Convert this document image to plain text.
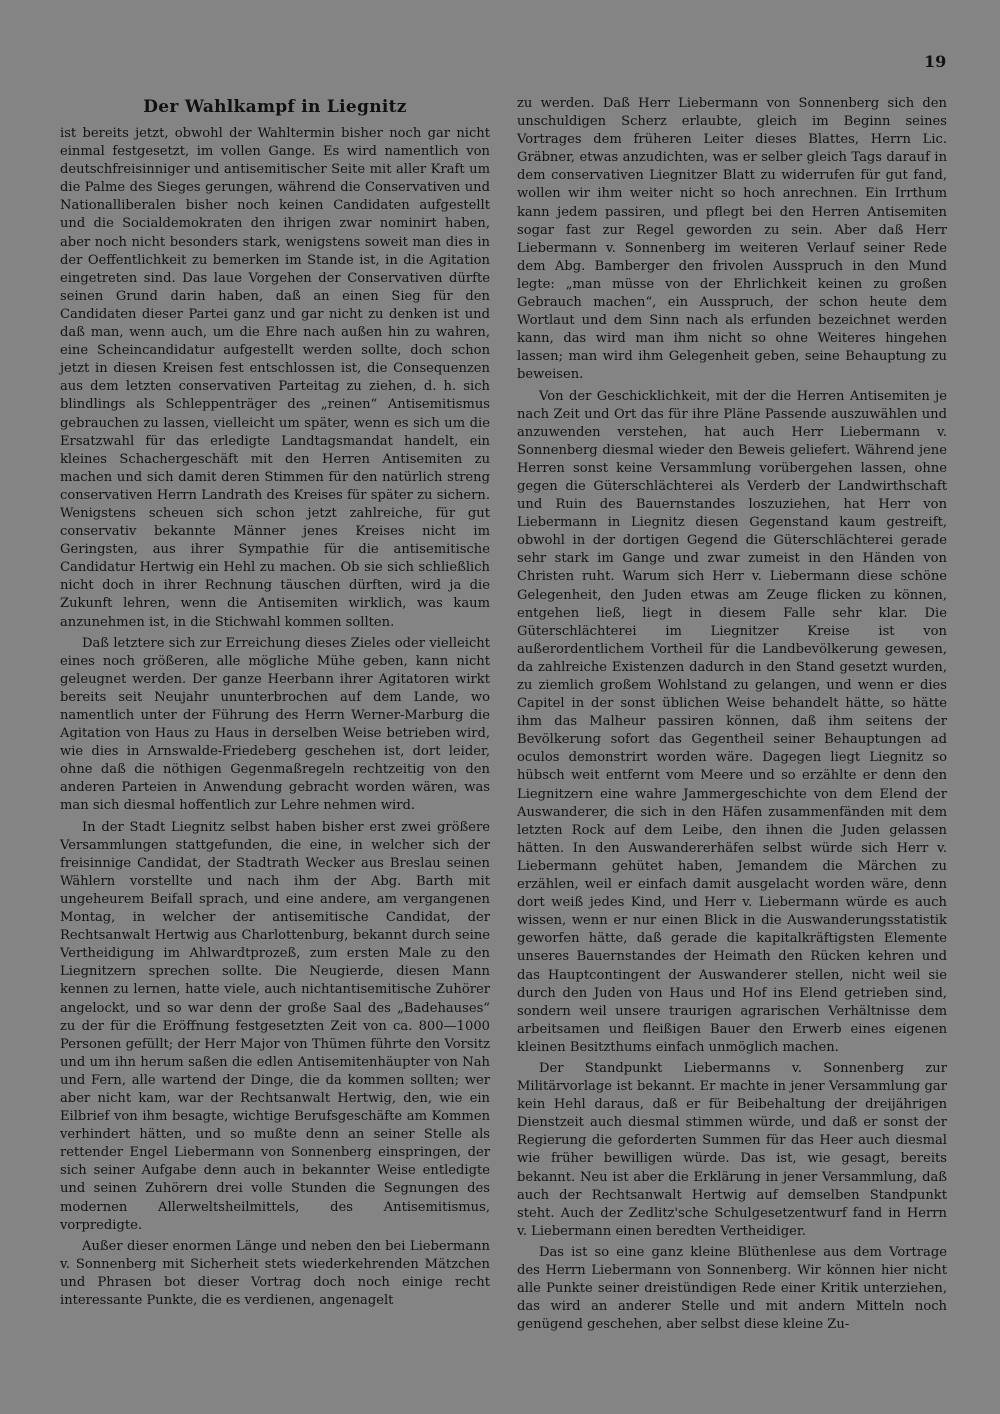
19
Der Wahlkampf in Liegnitz

ist bereits jetzt, obwohl der Wahltermin bisher noch gar nicht einmal festgesetzt, im vollen Gange. Es wird namentlich von deutschfreisinniger und antisemitischer Seite mit aller Kraft um die Palme des Sieges gerungen, während die Conservativen und Nationalliberalen bisher noch keinen Candidaten aufgestellt und die Socialdemokraten den ihrigen zwar nominirt haben, aber noch nicht besonders stark, wenigstens soweit man dies in der Oeffentlichkeit zu bemerken im Stande ist, in die Agitation eingetreten sind. Das laue Vorgehen der Conservativen dürfte seinen Grund darin haben, daß an einen Sieg für den Candidaten dieser Partei ganz und gar nicht zu denken ist und daß man, wenn auch, um die Ehre nach außen hin zu wahren, eine Scheincandidatur aufgestellt werden sollte, doch schon jetzt in diesen Kreisen fest entschlossen ist, die Consequenzen aus dem letzten conservativen Parteitag zu ziehen, d. h. sich blindlings als Schleppenträger des „reinen“ Antisemitismus gebrauchen zu lassen, vielleicht um später, wenn es sich um die Ersatzwahl für das erledigte Landtagsmandat handelt, ein kleines Schachergeschäft mit den Herren Antisemiten zu machen und sich damit deren Stimmen für den natürlich streng conservativen Herrn Landrath des Kreises für später zu sichern. Wenigstens scheuen sich schon jetzt zahlreiche, für gut conservativ bekannte Männer jenes Kreises nicht im Geringsten, aus ihrer Sympathie für die antisemitische Candidatur Hertwig ein Hehl zu machen. Ob sie sich schließlich nicht doch in ihrer Rechnung täuschen dürften, wird ja die Zukunft lehren, wenn die Antisemiten wirklich, was kaum anzunehmen ist, in die Stichwahl kommen sollten.

Daß letztere sich zur Erreichung dieses Zieles oder vielleicht eines noch größeren, alle mögliche Mühe geben, kann nicht geleugnet werden. Der ganze Heerbann ihrer Agitatoren wirkt bereits seit Neujahr ununterbrochen auf dem Lande, wo namentlich unter der Führung des Herrn Werner-Marburg die Agitation von Haus zu Haus in derselben Weise betrieben wird, wie dies in Arnswalde-Friedeberg geschehen ist, dort leider, ohne daß die nöthigen Gegenmaßregeln rechtzeitig von den anderen Parteien in Anwendung gebracht worden wären, was man sich diesmal hoffentlich zur Lehre nehmen wird.

In der Stadt Liegnitz selbst haben bisher erst zwei größere Versammlungen stattgefunden, die eine, in welcher sich der freisinnige Candidat, der Stadtrath Wecker aus Breslau seinen Wählern vorstellte und nach ihm der Abg. Barth mit ungeheurem Beifall sprach, und eine andere, am vergangenen Montag, in welcher der antisemitische Candidat, der Rechtsanwalt Hertwig aus Charlottenburg, bekannt durch seine Vertheidigung im Ahlwardtprozeß, zum ersten Male zu den Liegnitzern sprechen sollte. Die Neugierde, diesen Mann kennen zu lernen, hatte viele, auch nichtantisemitische Zuhörer angelockt, und so war denn der große Saal des „Badehauses“ zu der für die Eröffnung festgesetzten Zeit von ca. 800—1000 Personen gefüllt; der Herr Major von Thümen führte den Vorsitz und um ihn herum saßen die edlen Antisemitenhäupter von Nah und Fern, alle wartend der Dinge, die da kommen sollten; wer aber nicht kam, war der Rechtsanwalt Hertwig, den, wie ein Eilbrief von ihm besagte, wichtige Berufsgeschäfte am Kommen verhindert hätten, und so mußte denn an seiner Stelle als rettender Engel Liebermann von Sonnenberg einspringen, der sich seiner Aufgabe denn auch in bekannter Weise entledigte und seinen Zuhörern drei volle Stunden die Segnungen des modernen Allerweltsheilmittels, des Antisemitismus, vorpredigte.

Außer dieser enormen Länge und neben den bei Liebermann v. Sonnenberg mit Sicherheit stets wiederkehrenden Mätzchen und Phrasen bot dieser Vortrag doch noch einige recht interessante Punkte, die es verdienen, angenagelt

zu werden. Daß Herr Liebermann von Sonnenberg sich den unschuldigen Scherz erlaubte, gleich im Beginn seines Vortrages dem früheren Leiter dieses Blattes, Herrn Lic. Gräbner, etwas anzudichten, was er selber gleich Tags darauf in dem conservativen Liegnitzer Blatt zu widerrufen für gut fand, wollen wir ihm weiter nicht so hoch anrechnen. Ein Irrthum kann jedem passiren, und pflegt bei den Herren Antisemiten sogar fast zur Regel geworden zu sein. Aber daß Herr Liebermann v. Sonnenberg im weiteren Verlauf seiner Rede dem Abg. Bamberger den frivolen Ausspruch in den Mund legte: „man müsse von der Ehrlichkeit keinen zu großen Gebrauch machen“, ein Ausspruch, der schon heute dem Wortlaut und dem Sinn nach als erfunden bezeichnet werden kann, das wird man ihm nicht so ohne Weiteres hingehen lassen; man wird ihm Gelegenheit geben, seine Behauptung zu beweisen.

Von der Geschicklichkeit, mit der die Herren Antisemiten je nach Zeit und Ort das für ihre Pläne Passende auszuwählen und anzuwenden verstehen, hat auch Herr Liebermann v. Sonnenberg diesmal wieder den Beweis geliefert. Während jene Herren sonst keine Versammlung vorübergehen lassen, ohne gegen die Güterschlächterei als Verderb der Landwirthschaft und Ruin des Bauernstandes loszuziehen, hat Herr von Liebermann in Liegnitz diesen Gegenstand kaum gestreift, obwohl in der dortigen Gegend die Güterschlächterei gerade sehr stark im Gange und zwar zumeist in den Händen von Christen ruht. Warum sich Herr v. Liebermann diese schöne Gelegenheit, den Juden etwas am Zeuge flicken zu können, entgehen ließ, liegt in diesem Falle sehr klar. Die Güterschlächterei im Liegnitzer Kreise ist von außerordentlichem Vortheil für die Landbevölkerung gewesen, da zahlreiche Existenzen dadurch in den Stand gesetzt wurden, zu ziemlich großem Wohlstand zu gelangen, und wenn er dies Capitel in der sonst üblichen Weise behandelt hätte, so hätte ihm das Malheur passiren können, daß ihm seitens der Bevölkerung sofort das Gegentheil seiner Behauptungen ad oculos demonstrirt worden wäre. Dagegen liegt Liegnitz so hübsch weit entfernt vom Meere und so erzählte er denn den Liegnitzern eine wahre Jammergeschichte von dem Elend der Auswanderer, die sich in den Häfen zusammenfänden mit dem letzten Rock auf dem Leibe, den ihnen die Juden gelassen hätten. In den Auswandererhäfen selbst würde sich Herr v. Liebermann gehütet haben, Jemandem die Märchen zu erzählen, weil er einfach damit ausgelacht worden wäre, denn dort weiß jedes Kind, und Herr v. Liebermann würde es auch wissen, wenn er nur einen Blick in die Auswanderungsstatistik geworfen hätte, daß gerade die kapitalkräftigsten Elemente unseres Bauernstandes der Heimath den Rücken kehren und das Hauptcontingent der Auswanderer stellen, nicht weil sie durch den Juden von Haus und Hof ins Elend getrieben sind, sondern weil unsere traurigen agrarischen Verhältnisse dem arbeitsamen und fleißigen Bauer den Erwerb eines eigenen kleinen Besitzthums einfach unmöglich machen.

Der Standpunkt Liebermanns v. Sonnenberg zur Militärvorlage ist bekannt. Er machte in jener Versammlung gar kein Hehl daraus, daß er für Beibehaltung der dreijährigen Dienstzeit auch diesmal stimmen würde, und daß er sonst der Regierung die geforderten Summen für das Heer auch diesmal wie früher bewilligen würde. Das ist, wie gesagt, bereits bekannt. Neu ist aber die Erklärung in jener Versammlung, daß auch der Rechtsanwalt Hertwig auf demselben Standpunkt steht. Auch der Zedlitz'sche Schulgesetzentwurf fand in Herrn v. Liebermann einen beredten Vertheidiger.

Das ist so eine ganz kleine Blüthenlese aus dem Vortrage des Herrn Liebermann von Sonnenberg. Wir können hier nicht alle Punkte seiner dreistündigen Rede einer Kritik unterziehen, das wird an anderer Stelle und mit andern Mitteln noch genügend geschehen, aber selbst diese kleine Zu-
